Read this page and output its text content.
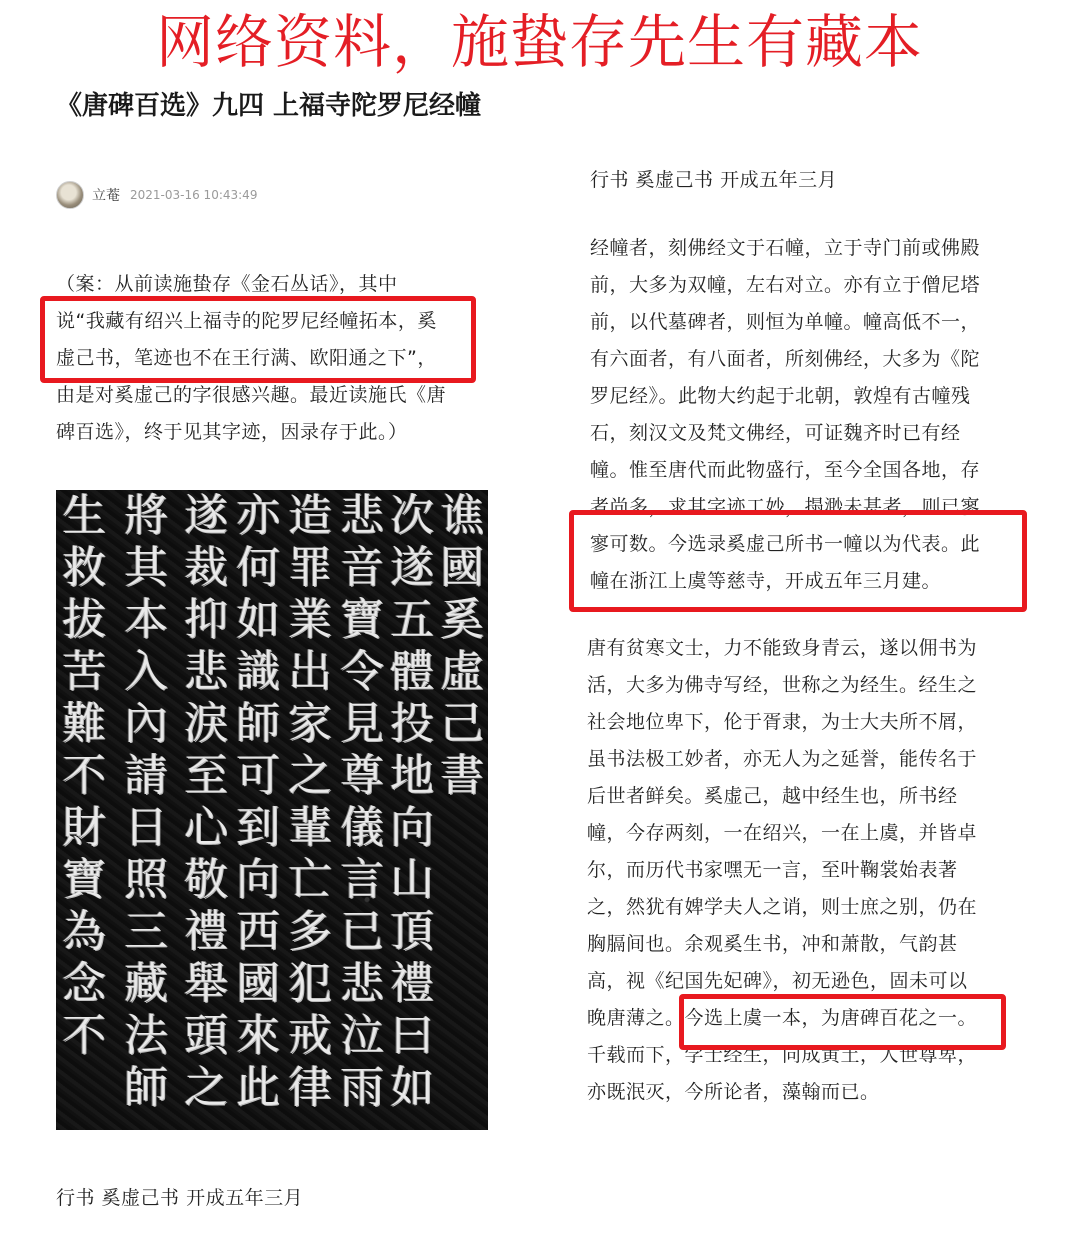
网络资料，施蛰存先生有藏本
《唐碑百选》九四 上福寺陀罗尼经幢
立菴 2021-03-16 10:43:49
（案：从前读施蛰存《金石丛话》，其中
说“我藏有绍兴上福寺的陀罗尼经幢拓本，奚
虚己书，笔迹也不在王行满、欧阳通之下”，
由是对奚虚己的字很感兴趣。最近读施氏《唐
碑百选》，终于见其字迹，因录存于此。）
谯國奚虛己書
次遂五體投地向山頂禮曰如
悲音寶令見尊儀言已悲泣雨
造罪業出家之輩亡多犯戒律
亦何如識師可到向西國來此
遂裁抑悲淚至心敬禮舉頭之
將其本入內請日照三藏法師
生救拔苦難不財寶為念不
行书 奚虚己书 开成五年三月
行书 奚虚己书 开成五年三月
经幢者，刻佛经文于石幢，立于寺门前或佛殿
前，大多为双幢，左右对立。亦有立于僧尼塔
前，以代墓碑者，则恒为单幢。幢高低不一，
有六面者，有八面者，所刻佛经，大多为《陀
罗尼经》。此物大约起于北朝，敦煌有古幢残
石，刻汉文及梵文佛经，可证魏齐时已有经
幢。惟至唐代而此物盛行，至今全国各地，存
者尚多，求其字迹工妙，搨渺未甚者，则已寥
寥可数。今选录奚虚己所书一幢以为代表。此
幢在浙江上虞等慈寺，开成五年三月建。
唐有贫寒文士，力不能致身青云，遂以佣书为
活，大多为佛寺写经，世称之为经生。经生之
社会地位卑下，伦于胥隶，为士大夫所不屑，
虽书法极工妙者，亦无人为之延誉，能传名于
后世者鲜矣。奚虚己，越中经生也，所书经
幢，今存两刻，一在绍兴，一在上虞，并皆卓
尔，而历代书家嘿无一言，至叶鞠裳始表著
之，然犹有婢学夫人之诮，则士庶之别，仍在
胸膈间也。余观奚生书，冲和萧散，气韵甚
高，视《纪国先妃碑》，初无逊色，固未可以
晚唐薄之。今选上虞一本，为唐碑百花之一。
千载而下，学士经生，同成黄土，人世尊卑，
亦既泯灭，今所论者，藻翰而已。
